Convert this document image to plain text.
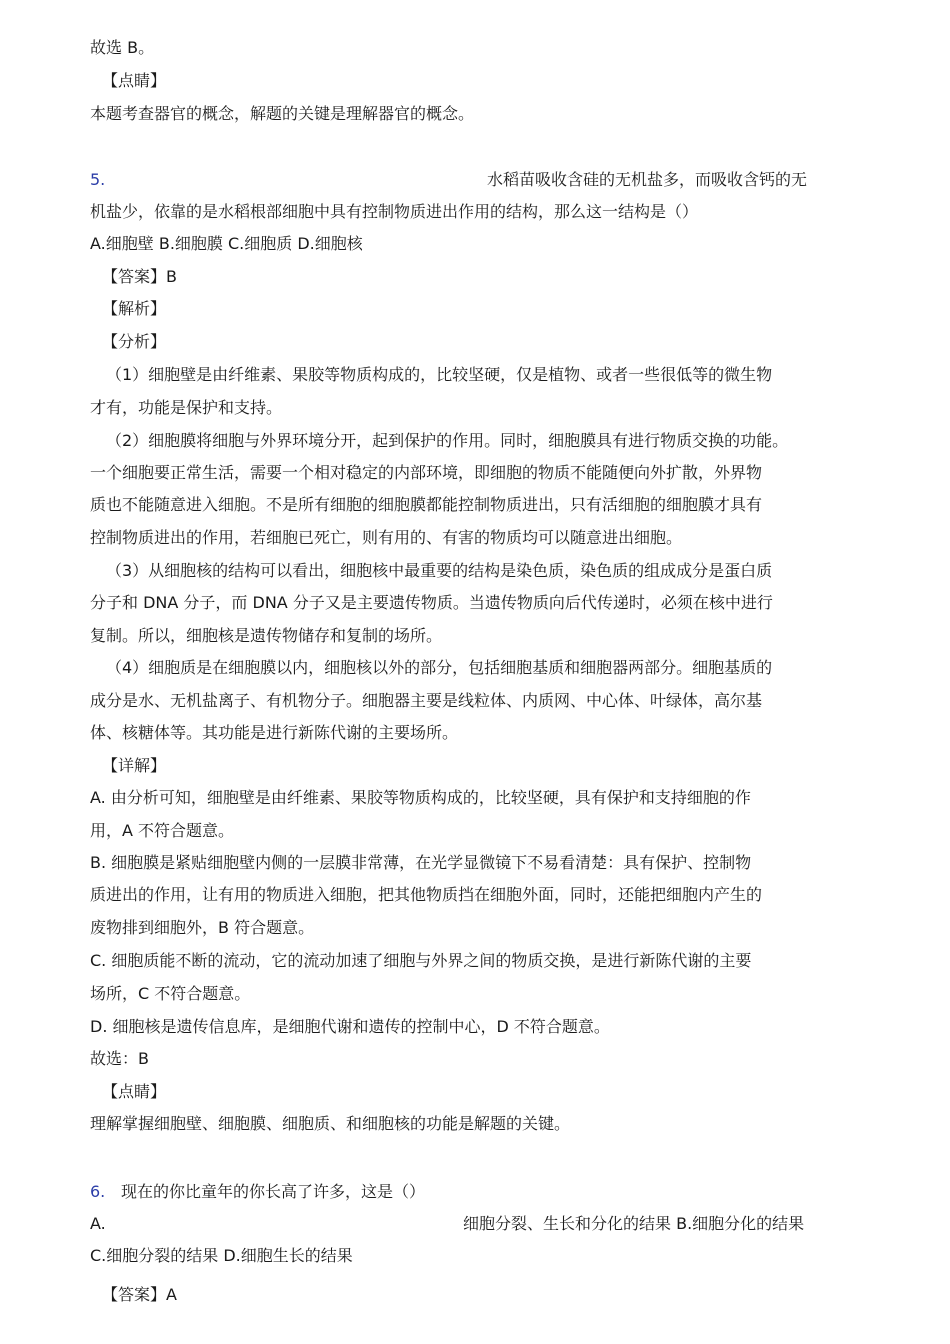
故选 B。
【点睛】
本题考查器官的概念，解题的关键是理解器官的概念。
5.	水稻苗吸收含硅的无机盐多，而吸收含钙的无
机盐少，依靠的是水稻根部细胞中具有控制物质进出作用的结构，那么这一结构是（）
A.细胞壁 B.细胞膜 C.细胞质 D.细胞核
【答案】B
【解析】
【分析】
（1）细胞壁是由纤维素、果胶等物质构成的，比较坚硬，仅是植物、或者一些很低等的微生物
才有，功能是保护和支持。
（2）细胞膜将细胞与外界环境分开，起到保护的作用。同时，细胞膜具有进行物质交换的功能。
一个细胞要正常生活，需要一个相对稳定的内部环境，即细胞的物质不能随便向外扩散，外界物
质也不能随意进入细胞。不是所有细胞的细胞膜都能控制物质进出，只有活细胞的细胞膜才具有
控制物质进出的作用，若细胞已死亡，则有用的、有害的物质均可以随意进出细胞。
（3）从细胞核的结构可以看出，细胞核中最重要的结构是染色质，染色质的组成成分是蛋白质
分子和 DNA 分子，而 DNA 分子又是主要遗传物质。当遗传物质向后代传递时，必须在核中进行
复制。所以，细胞核是遗传物储存和复制的场所。
（4）细胞质是在细胞膜以内，细胞核以外的部分，包括细胞基质和细胞器两部分。细胞基质的
成分是水、无机盐离子、有机物分子。细胞器主要是线粒体、内质网、中心体、叶绿体，高尔基
体、核糖体等。其功能是进行新陈代谢的主要场所。
【详解】
A. 由分析可知，细胞壁是由纤维素、果胶等物质构成的，比较坚硬，具有保护和支持细胞的作
用，A 不符合题意。
B. 细胞膜是紧贴细胞壁内侧的一层膜非常薄，在光学显微镜下不易看清楚：具有保护、控制物
质进出的作用，让有用的物质进入细胞，把其他物质挡在细胞外面，同时，还能把细胞内产生的
废物排到细胞外，B 符合题意。
C. 细胞质能不断的流动，它的流动加速了细胞与外界之间的物质交换，是进行新陈代谢的主要
场所，C 不符合题意。
D. 细胞核是遗传信息库，是细胞代谢和遗传的控制中心，D 不符合题意。
故选：B
【点睛】
理解掌握细胞壁、细胞膜、细胞质、和细胞核的功能是解题的关键。
6. 现在的你比童年的你长高了许多，这是（）
A.	细胞分裂、生长和分化的结果 B.细胞分化的结果
C.细胞分裂的结果 D.细胞生长的结果
【答案】A
